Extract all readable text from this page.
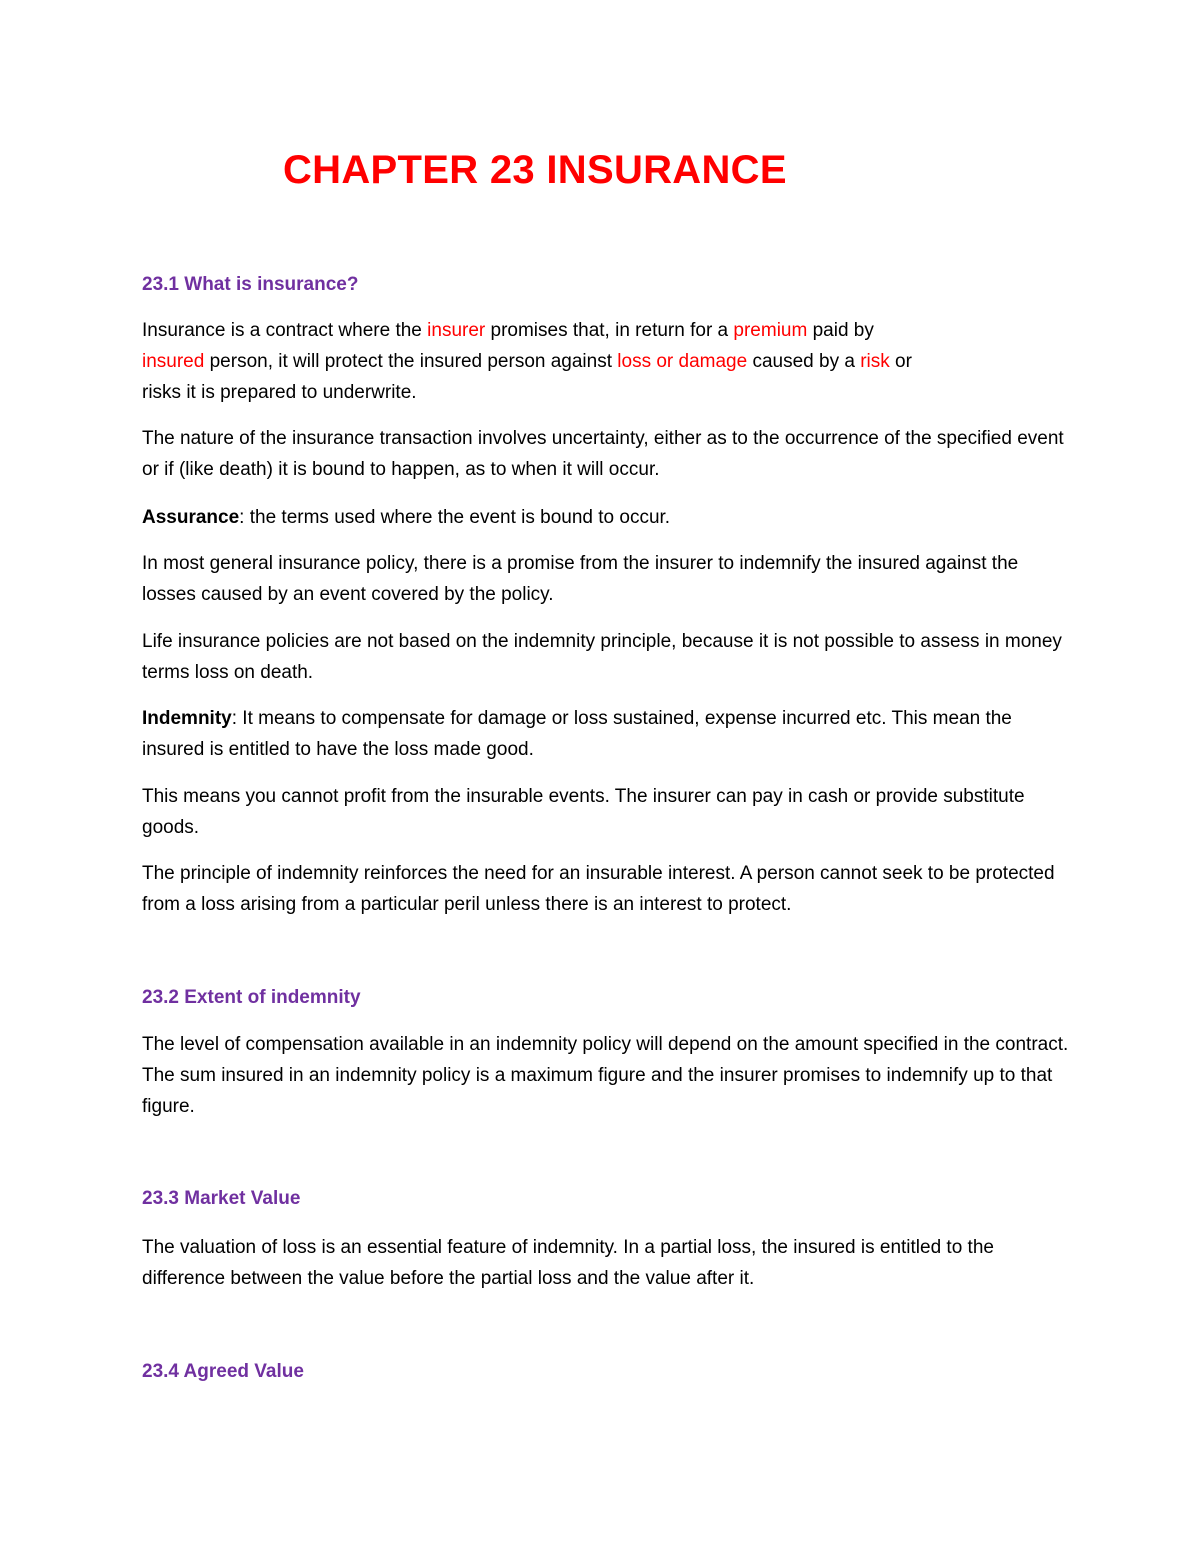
CHAPTER 23 INSURANCE
23.1 What is insurance?

Insurance is a contract where the insurer promises that, in return for a premium paid by
insured person, it will protect the insured person against loss or damage caused by a risk or
risks it is prepared to underwrite.

The nature of the insurance transaction involves uncertainty, either as to the occurrence of the specified event or if (like death) it is bound to happen, as to when it will occur.

Assurance: the terms used where the event is bound to occur.

In most general insurance policy, there is a promise from the insurer to indemnify the insured against the losses caused by an event covered by the policy.

Life insurance policies are not based on the indemnity principle, because it is not possible to assess in money terms loss on death.

Indemnity: It means to compensate for damage or loss sustained, expense incurred etc. This mean the insured is entitled to have the loss made good.

This means you cannot profit from the insurable events. The insurer can pay in cash or provide substitute goods.

The principle of indemnity reinforces the need for an insurable interest. A person cannot seek to be protected from a loss arising from a particular peril unless there is an interest to protect.

23.2 Extent of indemnity

The level of compensation available in an indemnity policy will depend on the amount specified in the contract. The sum insured in an indemnity policy is a maximum figure and the insurer promises to indemnify up to that figure.

23.3 Market Value

The valuation of loss is an essential feature of indemnity. In a partial loss, the insured is entitled to the difference between the value before the partial loss and the value after it.

23.4 Agreed Value
